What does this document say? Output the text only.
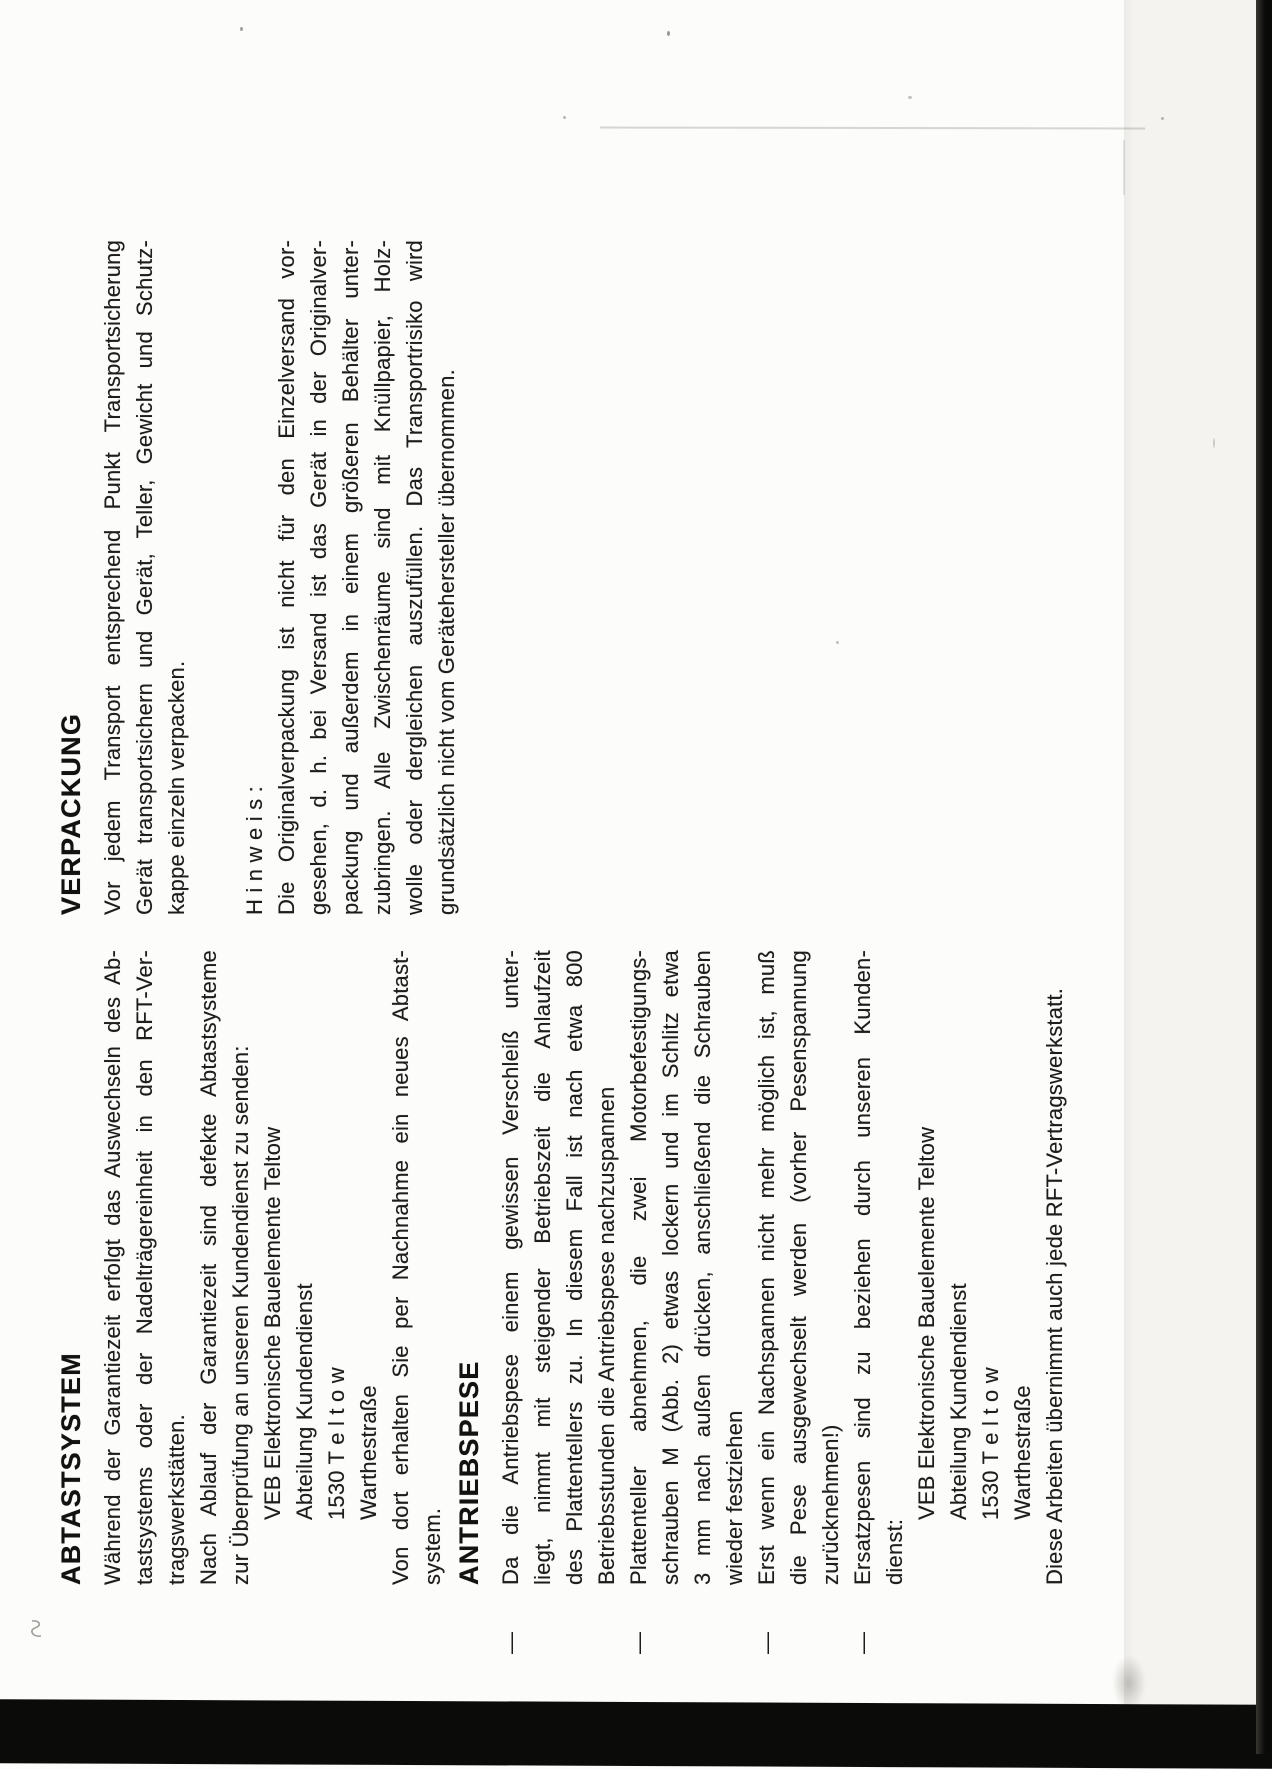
ABTASTSYSTEM Während der Garantiezeit erfolgt das Auswechseln des Ab- tastsystems oder der Nadelträgereinheit in den RFT-Ver- tragswerkstätten. Nach Ablauf der Garantiezeit sind defekte Abtastsysteme zur Überprüfung an unseren Kundendienst zu senden: VEB Elektronische Bauelemente Teltow Abteilung Kundendienst 1530 T e l t o w Warthestraße Von dort erhalten Sie per Nachnahme ein neues Abtast- system. ANTRIEBSPESE
—
Da die Antriebspese einem gewissen Verschleiß unter- liegt, nimmt mit steigender Betriebszeit die Anlaufzeit des Plattentellers zu. In diesem Fall ist nach etwa 800 Betriebsstunden die Antriebspese nachzuspannen
—
Plattenteller abnehmen, die zwei Motorbefestigungs- schrauben M (Abb. 2) etwas lockern und im Schlitz etwa 3 mm nach außen drücken, anschließend die Schrauben wieder festziehen
—
Erst wenn ein Nachspannen nicht mehr möglich ist, muß die Pese ausgewechselt werden (vorher Pesenspannung zurücknehmen!)
—
Ersatzpesen sind zu beziehen durch unseren Kunden- dienst:
VEB Elektronische Bauelemente Teltow Abteilung Kundendienst 1530 T e l t o w Warthestraße Diese Arbeiten übernimmt auch jede RFT-Vertragswerkstatt.
VERPACKUNG Vor jedem Transport entsprechend Punkt Transportsicherung Gerät transportsichern und Gerät, Teller, Gewicht und Schutz- kappe einzeln verpacken. H i n w e i s : Die Originalverpackung ist nicht für den Einzelversand vor- gesehen, d. h. bei Versand ist das Gerät in der Originalver- packung und außerdem in einem größeren Behälter unter- zubringen. Alle Zwischenräume sind mit Knüllpapier, Holz- wolle oder dergleichen auszufüllen. Das Transportrisiko wird grundsätzlich nicht vom Gerätehersteller übernommen.
